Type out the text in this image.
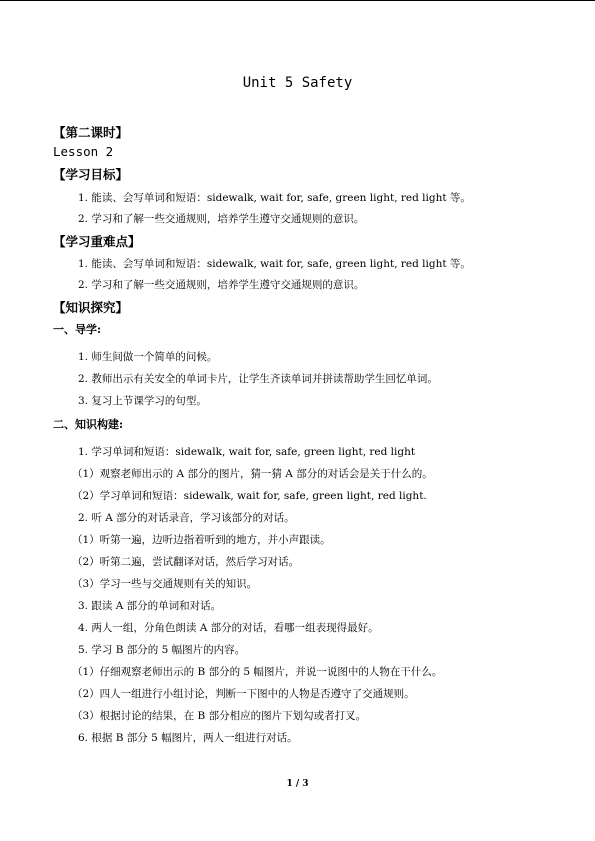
Unit 5 Safety
【第二课时】
Lesson 2
【学习目标】
1. 能读、会写单词和短语：sidewalk, wait for, safe, green light, red light 等。
2. 学习和了解一些交通规则，培养学生遵守交通规则的意识。
【学习重难点】
1. 能读、会写单词和短语：sidewalk, wait for, safe, green light, red light 等。
2. 学习和了解一些交通规则，培养学生遵守交通规则的意识。
【知识探究】
一、导学:
1. 师生间做一个简单的问候。
2. 教师出示有关安全的单词卡片，让学生齐读单词并拼读帮助学生回忆单词。
3. 复习上节课学习的句型。
二、知识构建:
1. 学习单词和短语：sidewalk, wait for, safe, green light, red light
（1）观察老师出示的 A 部分的图片，猜一猜 A 部分的对话会是关于什么的。
（2）学习单词和短语：sidewalk, wait for, safe, green light, red light.
2. 听 A 部分的对话录音，学习该部分的对话。
（1）听第一遍，边听边指着听到的地方，并小声跟读。
（2）听第二遍，尝试翻译对话，然后学习对话。
（3）学习一些与交通规则有关的知识。
3. 跟读 A 部分的单词和对话。
4. 两人一组，分角色朗读 A 部分的对话，看哪一组表现得最好。
5. 学习 B 部分的 5 幅图片的内容。
（1）仔细观察老师出示的 B 部分的 5 幅图片，并说一说图中的人物在干什么。
（2）四人一组进行小组讨论，判断一下图中的人物是否遵守了交通规则。
（3）根据讨论的结果，在 B 部分相应的图片下划勾或者打叉。
6. 根据 B 部分 5 幅图片，两人一组进行对话。
1 / 3
